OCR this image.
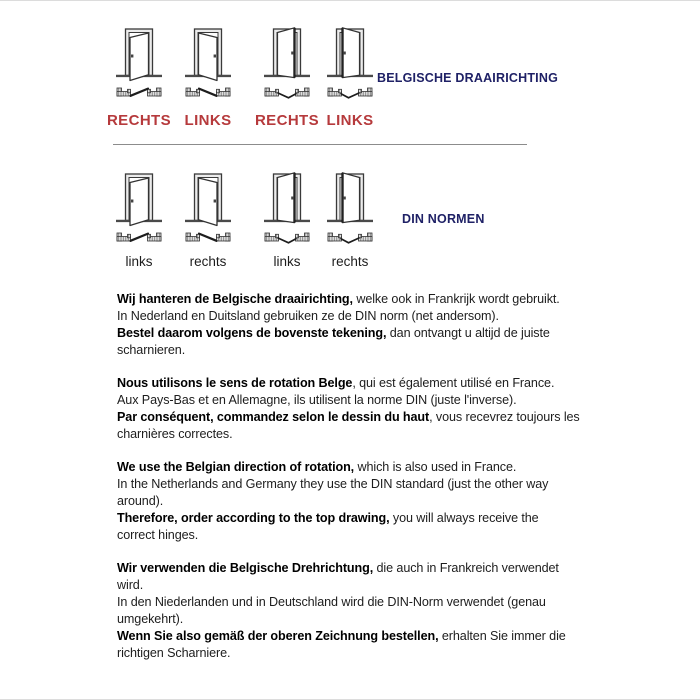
RECHTS LINKS RECHTS LINKS
BELGISCHE DRAAIRICHTING
links	rechts	links rechts
DIN NORMEN

Wij hanteren de Belgische draairichting, welke ook in Frankrijk wordt gebruikt.
In Nederland en Duitsland gebruiken ze de DIN norm (net andersom).
Bestel daarom volgens de bovenste tekening, dan ontvangt u altijd de juiste
scharnieren.

Nous utilisons le sens de rotation Belge, qui est également utilisé en France.
Aux Pays-Bas et en Allemagne, ils utilisent la norme DIN (juste l'inverse).
Par conséquent, commandez selon le dessin du haut, vous recevrez toujours les
charnières correctes.

We use the Belgian direction of rotation, which is also used in France.
In the Netherlands and Germany they use the DIN standard (just the other way
around).
Therefore, order according to the top drawing, you will always receive the
correct hinges.

Wir verwenden die Belgische Drehrichtung, die auch in Frankreich verwendet
wird.
In den Niederlanden und in Deutschland wird die DIN-Norm verwendet (genau
umgekehrt).
Wenn Sie also gemäß der oberen Zeichnung bestellen, erhalten Sie immer die
richtigen Scharniere.
